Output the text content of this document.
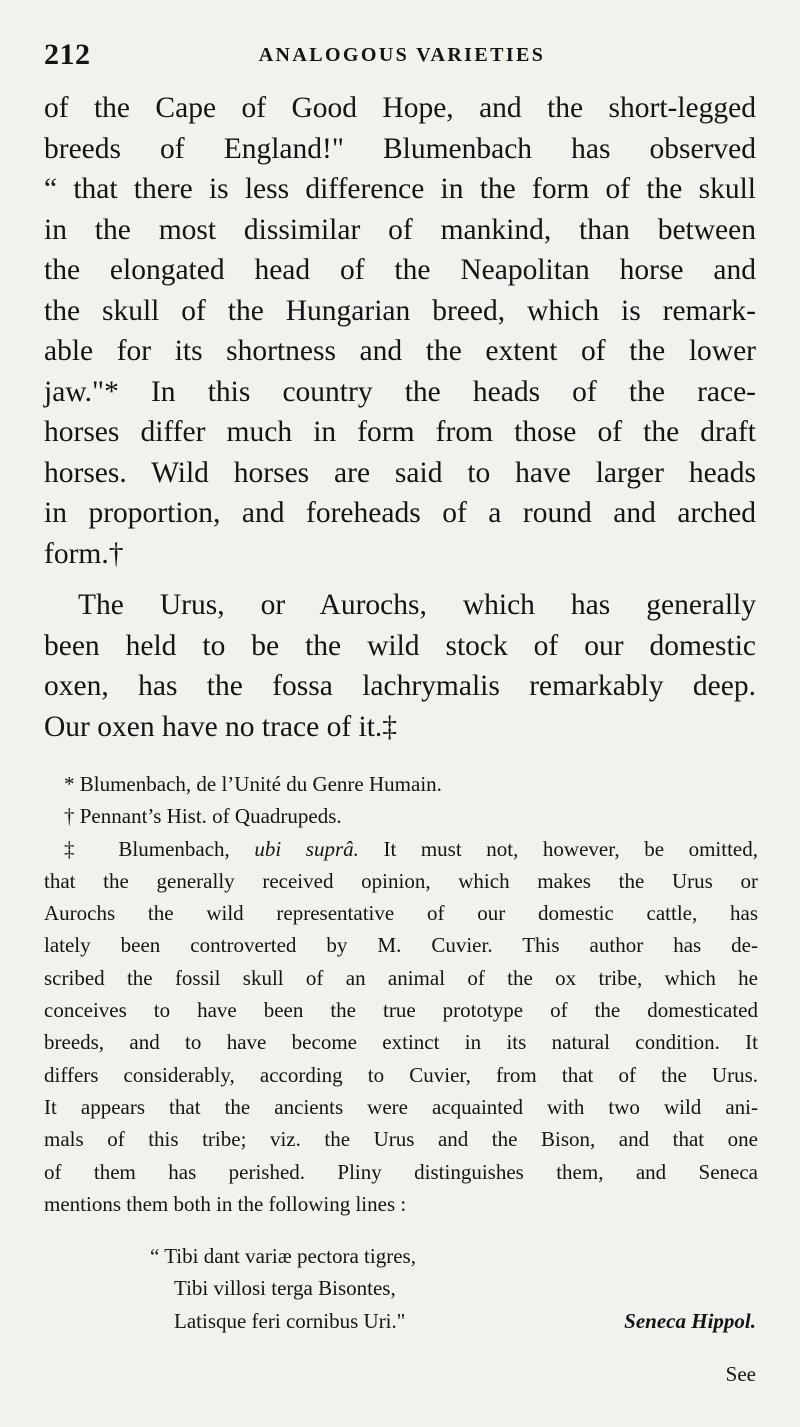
212	ANALOGOUS VARIETIES
of the Cape of Good Hope, and the short-legged
breeds of England!" Blumenbach has observed
“ that there is less difference in the form of the skull
in the most dissimilar of mankind, than between
the elongated head of the Neapolitan horse and
the skull of the Hungarian breed, which is remark-
able for its shortness and the extent of the lower
jaw."* In this country the heads of the race-
horses differ much in form from those of the draft
horses. Wild horses are said to have larger heads
in proportion, and foreheads of a round and arched
form.†
The Urus, or Aurochs, which has generally
been held to be the wild stock of our domestic
oxen, has the fossa lachrymalis remarkably deep.
Our oxen have no trace of it.‡
* Blumenbach, de l’Unité du Genre Humain.
† Pennant’s Hist. of Quadrupeds.
‡ Blumenbach, ubi suprâ. It must not, however, be omitted,
that the generally received opinion, which makes the Urus or
Aurochs the wild representative of our domestic cattle, has
lately been controverted by M. Cuvier. This author has de-
scribed the fossil skull of an animal of the ox tribe, which he
conceives to have been the true prototype of the domesticated
breeds, and to have become extinct in its natural condition. It
differs considerably, according to Cuvier, from that of the Urus.
It appears that the ancients were acquainted with two wild ani-
mals of this tribe; viz. the Urus and the Bison, and that one
of them has perished. Pliny distinguishes them, and Seneca
mentions them both in the following lines :
“ Tibi dant variæ pectora tigres,
Tibi villosi terga Bisontes,
Latisque feri cornibus Uri."	Seneca Hippol.
See
